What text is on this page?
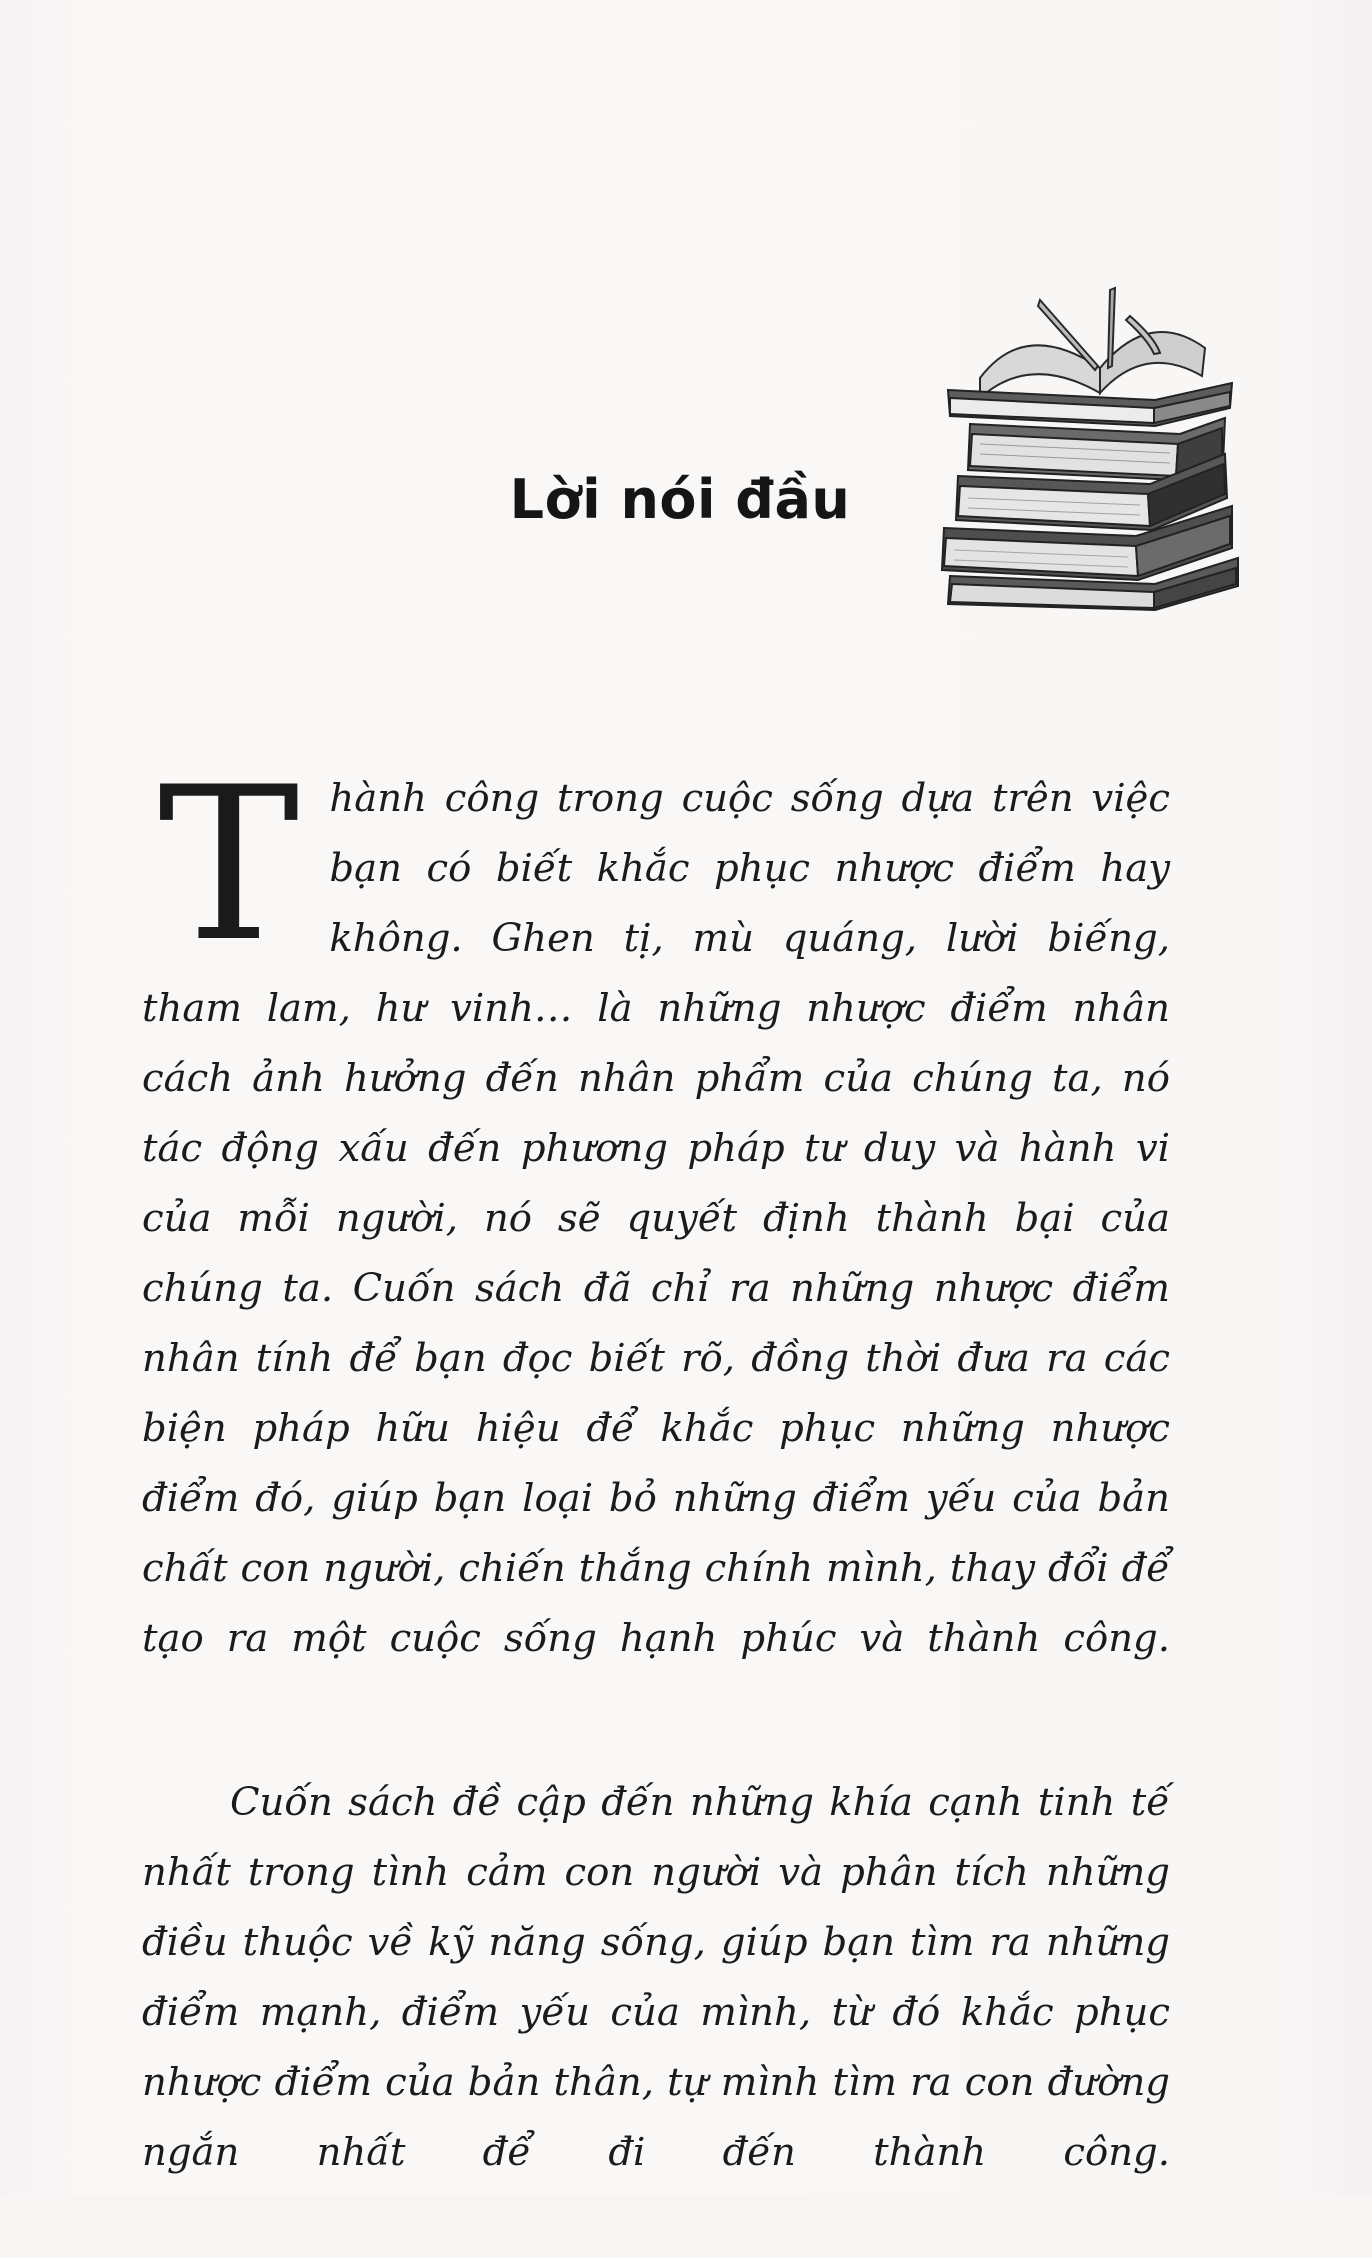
Lời nói đầu

Thành công trong cuộc sống dựa trên việc bạn có biết khắc phục nhược điểm hay không. Ghen tị, mù quáng, lười biếng, tham lam, hư vinh… là những nhược điểm nhân cách ảnh hưởng đến nhân phẩm của chúng ta, nó tác động xấu đến phương pháp tư duy và hành vi của mỗi người, nó sẽ quyết định thành bại của chúng ta. Cuốn sách đã chỉ ra những nhược điểm nhân tính để bạn đọc biết rõ, đồng thời đưa ra các biện pháp hữu hiệu để khắc phục những nhược điểm đó, giúp bạn loại bỏ những điểm yếu của bản chất con người, chiến thắng chính mình, thay đổi để tạo ra một cuộc sống hạnh phúc và thành công.

Cuốn sách đề cập đến những khía cạnh tinh tế nhất trong tình cảm con người và phân tích những điều thuộc về kỹ năng sống, giúp bạn tìm ra những điểm mạnh, điểm yếu của mình, từ đó khắc phục nhược điểm của bản thân, tự mình tìm ra con đường ngắn nhất để đi đến thành công.
